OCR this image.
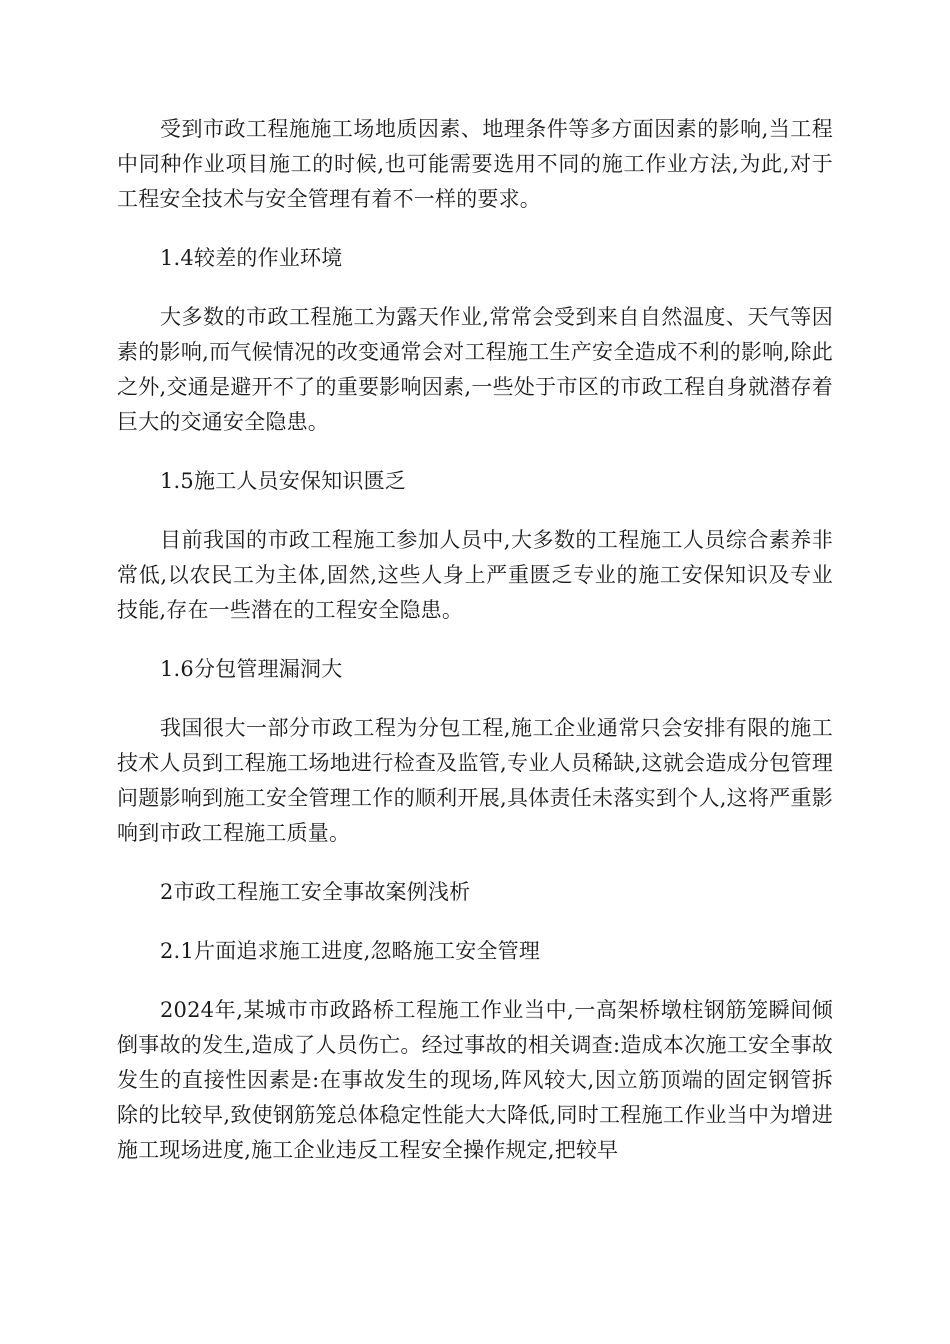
受到市政工程施施工场地质因素、地理条件等多方面因素的影响,当工程中同种作业项目施工的时候,也可能需要选用不同的施工作业方法,为此,对于工程安全技术与安全管理有着不一样的要求。

1.4较差的作业环境

大多数的市政工程施工为露天作业,常常会受到来自自然温度、天气等因素的影响,而气候情况的改变通常会对工程施工生产安全造成不利的影响,除此之外,交通是避开不了的重要影响因素,一些处于市区的市政工程自身就潜存着巨大的交通安全隐患。

1.5施工人员安保知识匮乏

目前我国的市政工程施工参加人员中,大多数的工程施工人员综合素养非常低,以农民工为主体,固然,这些人身上严重匮乏专业的施工安保知识及专业技能,存在一些潜在的工程安全隐患。

1.6分包管理漏洞大

我国很大一部分市政工程为分包工程,施工企业通常只会安排有限的施工技术人员到工程施工场地进行检查及监管,专业人员稀缺,这就会造成分包管理问题影响到施工安全管理工作的顺利开展,具体责任未落实到个人,这将严重影响到市政工程施工质量。

2市政工程施工安全事故案例浅析

2.1片面追求施工进度,忽略施工安全管理

2024年,某城市市政路桥工程施工作业当中,一高架桥墩柱钢筋笼瞬间倾倒事故的发生,造成了人员伤亡。经过事故的相关调查:造成本次施工安全事故发生的直接性因素是:在事故发生的现场,阵风较大,因立筋顶端的固定钢管拆除的比较早,致使钢筋笼总体稳定性能大大降低,同时工程施工作业当中为增进施工现场进度,施工企业违反工程安全操作规定,把较早
